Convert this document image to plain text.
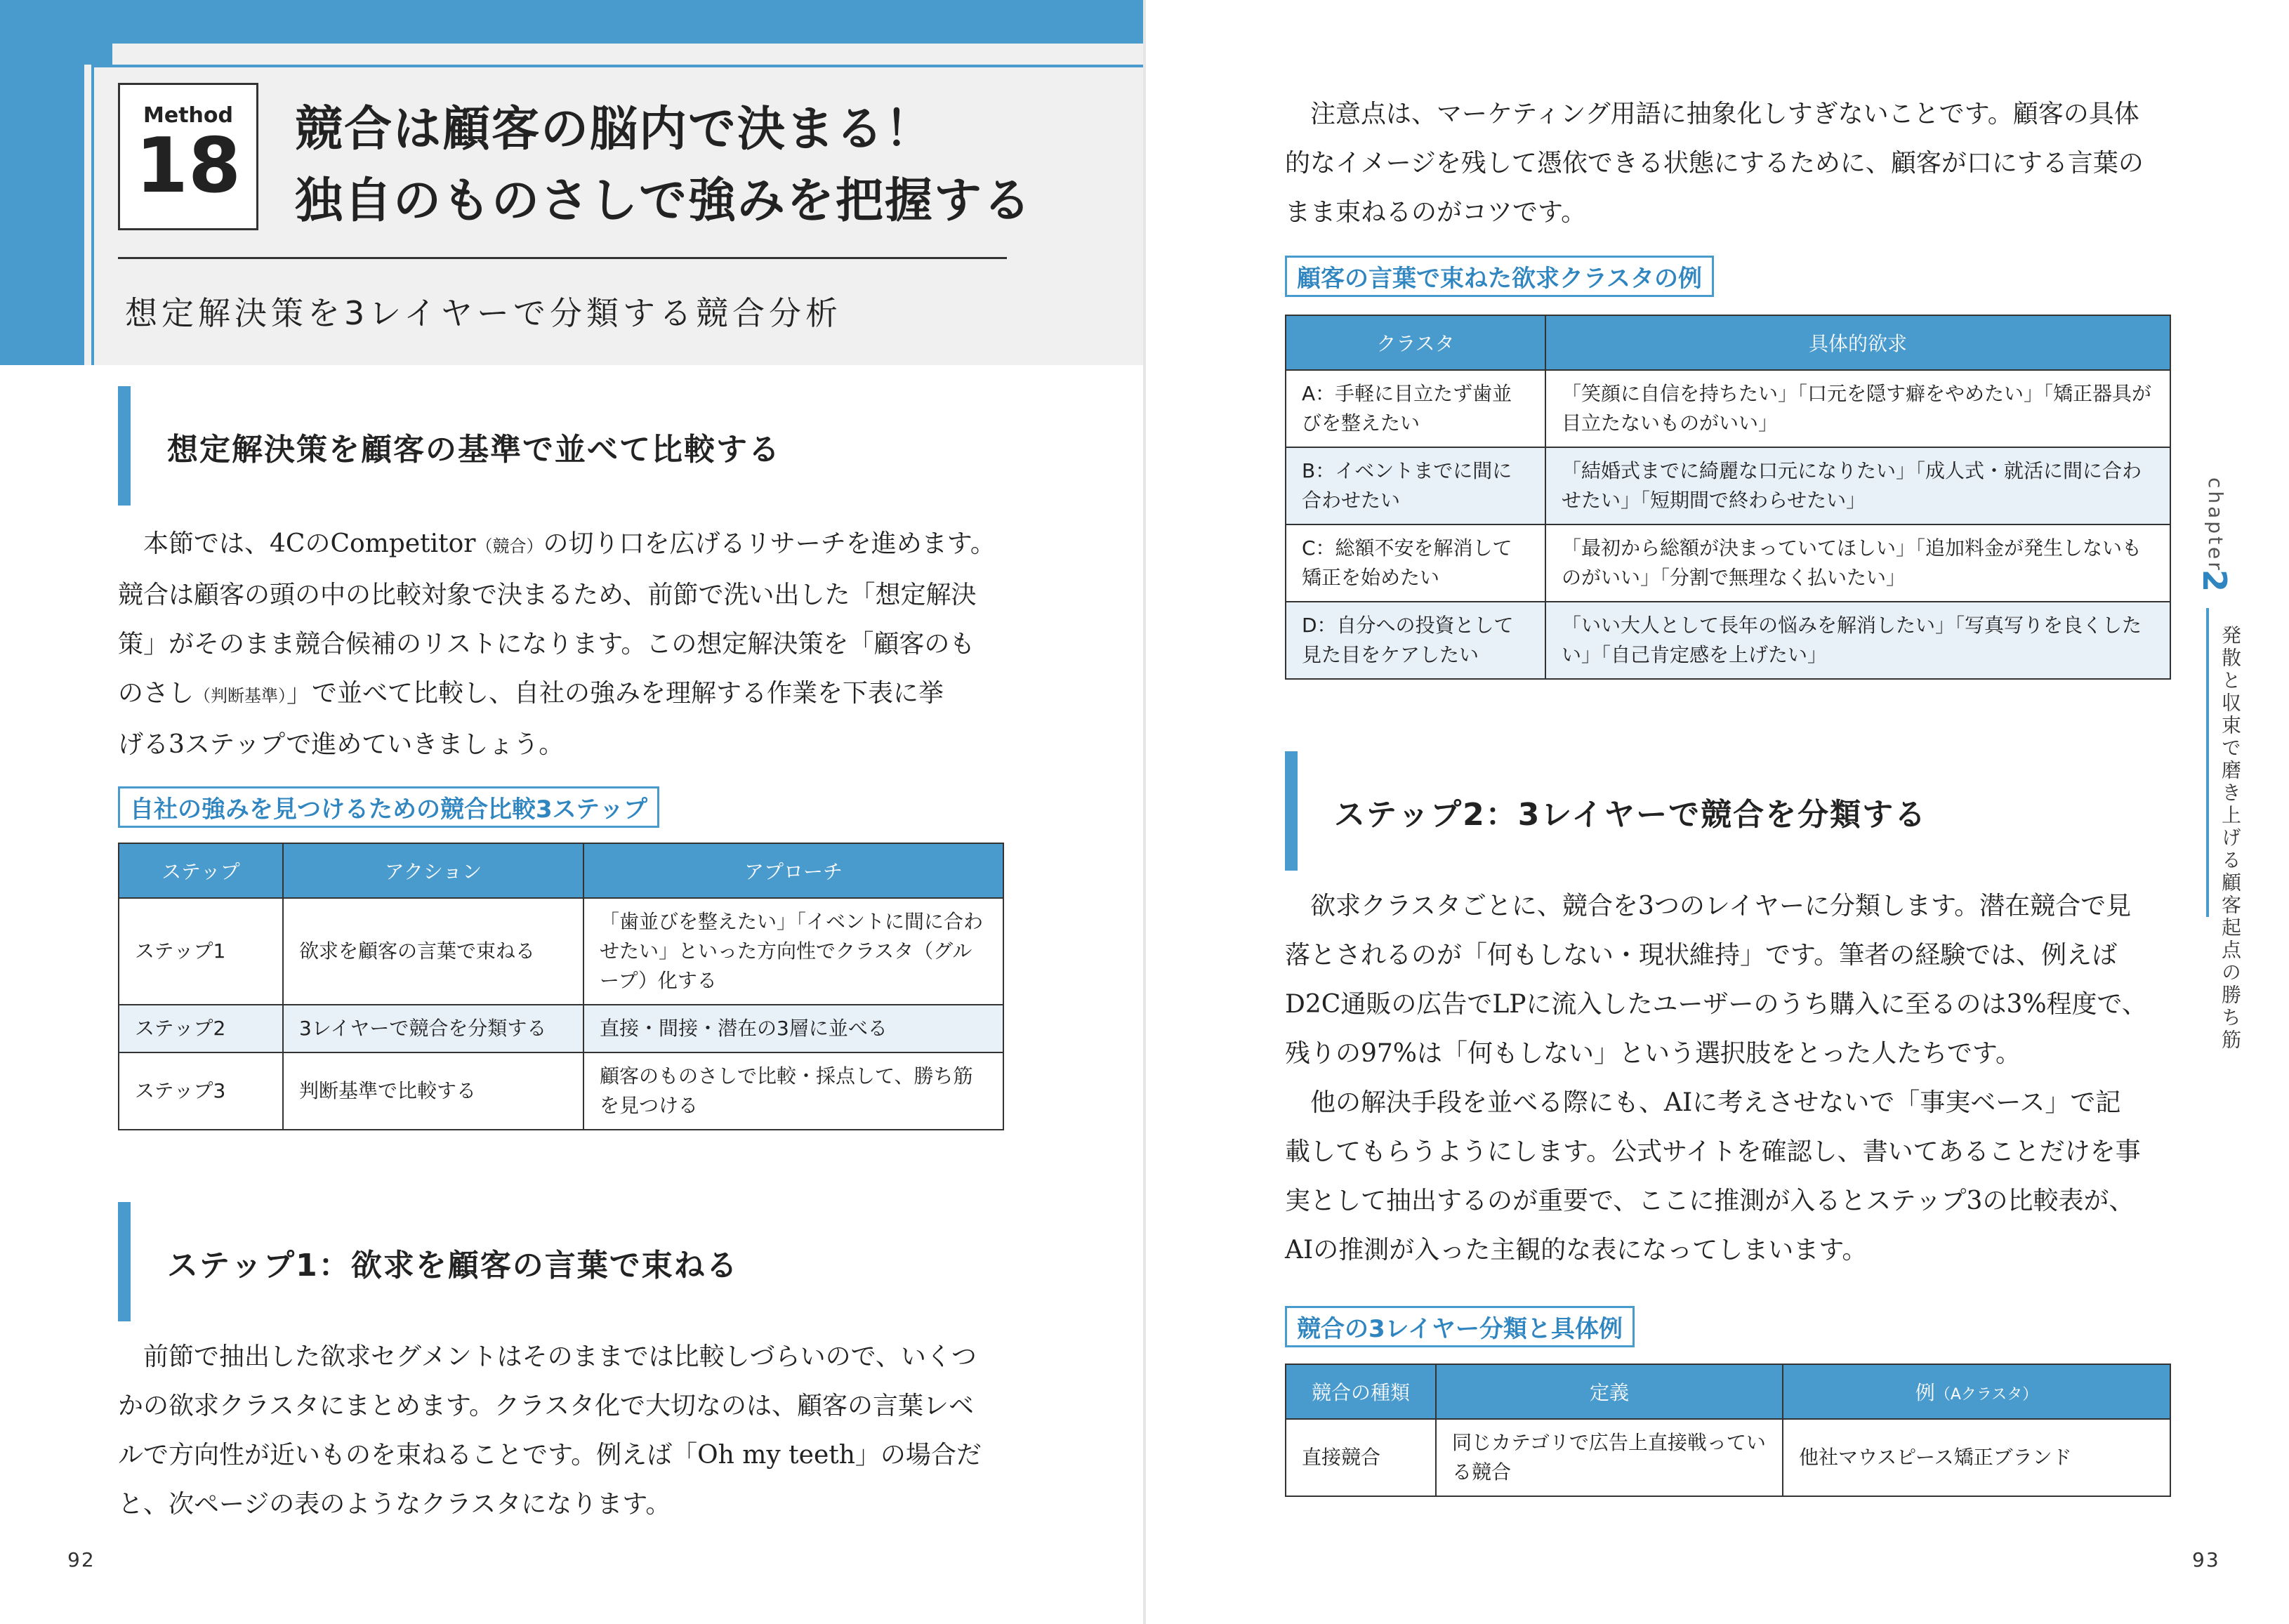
Method
18	競合は顧客の脳内で決まる！
独自のものさしで強みを把握する
想定解決策を3レイヤーで分類する競合分析
想定解決策を顧客の基準で並べて比較する
本節では、4CのCompetitor（競合）の切り口を広げるリサーチを進めます。
競合は顧客の頭の中の比較対象で決まるため、前節で洗い出した「想定解決
策」がそのまま競合候補のリストになります。この想定解決策を「顧客のも
のさし（判断基準）」で並べて比較し、自社の強みを理解する作業を下表に挙
げる3ステップで進めていきましょう。
自社の強みを見つけるための競合比較3ステップ
ステップ	アクション	アプローチ
ステップ1	欲求を顧客の言葉で束ねる	「歯並びを整えたい」「イベントに間に合わせたい」といった方向性でクラスタ（グループ）化する
ステップ2	3レイヤーで競合を分類する	直接・間接・潜在の3層に並べる
ステップ3	判断基準で比較する	顧客のものさしで比較・採点して、勝ち筋を見つける
ステップ1：欲求を顧客の言葉で束ねる
前節で抽出した欲求セグメントはそのままでは比較しづらいので、いくつ
かの欲求クラスタにまとめます。クラスタ化で大切なのは、顧客の言葉レベ
ルで方向性が近いものを束ねることです。例えば「Oh my teeth」の場合だ
と、次ページの表のようなクラスタになります。
92
注意点は、マーケティング用語に抽象化しすぎないことです。顧客の具体
的なイメージを残して憑依できる状態にするために、顧客が口にする言葉の
まま束ねるのがコツです。
顧客の言葉で束ねた欲求クラスタの例
クラスタ	具体的欲求
A：手軽に目立たず歯並びを整えたい	「笑顔に自信を持ちたい」「口元を隠す癖をやめたい」「矯正器具が目立たないものがいい」
B：イベントまでに間に合わせたい	「結婚式までに綺麗な口元になりたい」「成人式・就活に間に合わせたい」「短期間で終わらせたい」
C：総額不安を解消して矯正を始めたい	「最初から総額が決まっていてほしい」「追加料金が発生しないものがいい」「分割で無理なく払いたい」
D：自分への投資として見た目をケアしたい	「いい大人として長年の悩みを解消したい」「写真写りを良くしたい」「自己肯定感を上げたい」
ステップ2：3レイヤーで競合を分類する
欲求クラスタごとに、競合を3つのレイヤーに分類します。潜在競合で見
落とされるのが「何もしない・現状維持」です。筆者の経験では、例えば
D2C通販の広告でLPに流入したユーザーのうち購入に至るのは3%程度で、
残りの97%は「何もしない」という選択肢をとった人たちです。
他の解決手段を並べる際にも、AIに考えさせないで「事実ベース」で記
載してもらうようにします。公式サイトを確認し、書いてあることだけを事
実として抽出するのが重要で、ここに推測が入るとステップ3の比較表が、
AIの推測が入った主観的な表になってしまいます。
競合の3レイヤー分類と具体例
競合の種類	定義	例（Aクラスタ）
直接競合	同じカテゴリで広告上直接戦っている競合	他社マウスピース矯正ブランド
chapter
2
発散と収束で磨き上げる顧客起点の勝ち筋
93
